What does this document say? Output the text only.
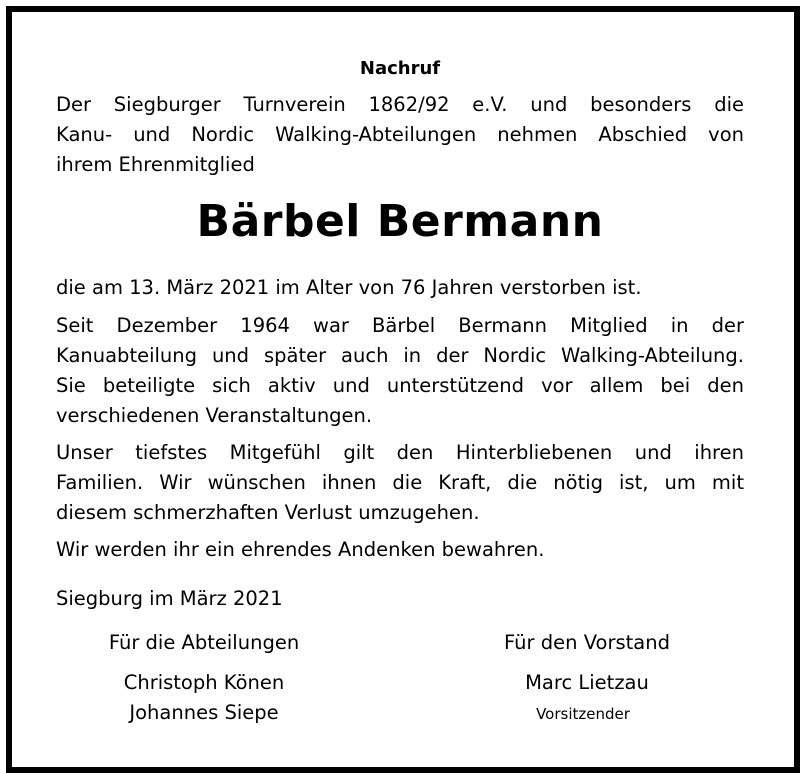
Nachruf
Der Siegburger Turnverein 1862/92 e.V. und besonders die
Kanu- und Nordic Walking-Abteilungen nehmen Abschied von
ihrem Ehrenmitglied
Bärbel Bermann
die am 13. März 2021 im Alter von 76 Jahren verstorben ist.
Seit Dezember 1964 war Bärbel Bermann Mitglied in der
Kanuabteilung und später auch in der Nordic Walking-Abteilung.
Sie beteiligte sich aktiv und unterstützend vor allem bei den
verschiedenen Veranstaltungen.
Unser tiefstes Mitgefühl gilt den Hinterbliebenen und ihren
Familien. Wir wünschen ihnen die Kraft, die nötig ist, um mit
diesem schmerzhaften Verlust umzugehen.
Wir werden ihr ein ehrendes Andenken bewahren.
Siegburg im März 2021
Für die Abteilungen
Christoph Könen
Johannes Siepe
Für den Vorstand
Marc Lietzau
Vorsitzender
